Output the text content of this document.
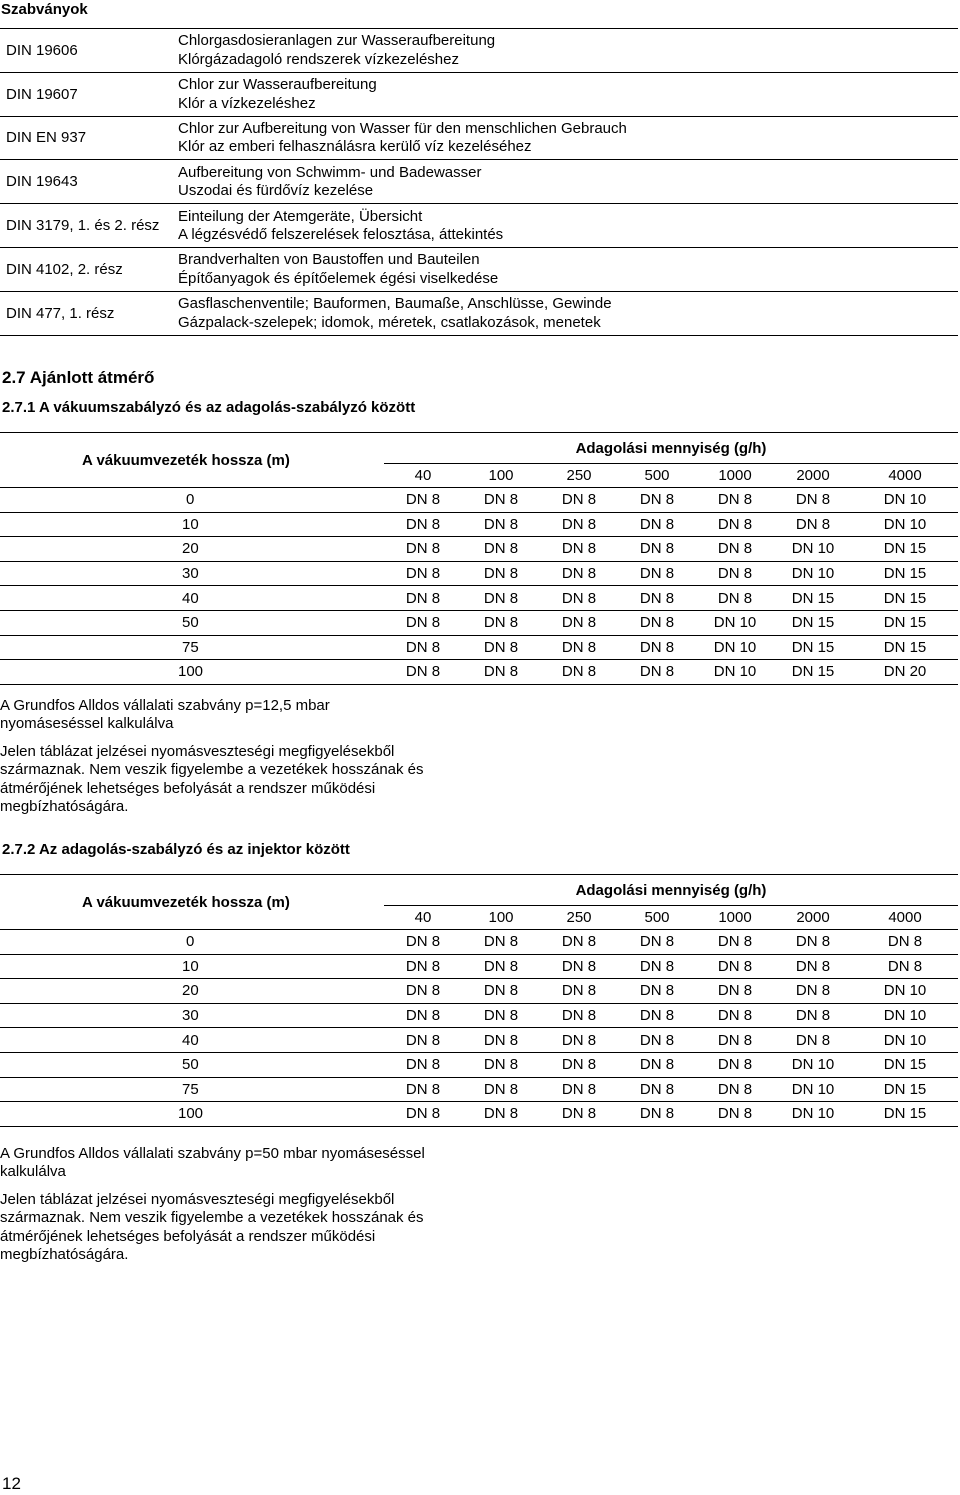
Szabványok
DIN 19606	Chlorgasdosieranlagen zur Wasseraufbereitung
Klórgázadagoló rendszerek vízkezeléshez

DIN 19607	Chlor zur Wasseraufbereitung
Klór a vízkezeléshez

DIN EN 937	Chlor zur Aufbereitung von Wasser für den menschlichen Gebrauch
Klór az emberi felhasználásra kerülő víz kezeléséhez

DIN 19643	Aufbereitung von Schwimm- und Badewasser
Uszodai és fürdővíz kezelése

DIN 3179, 1. és 2. rész	Einteilung der Atemgeräte, Übersicht
A légzésvédő felszerelések felosztása, áttekintés

DIN 4102, 2. rész	Brandverhalten von Baustoffen und Bauteilen
Építőanyagok és építőelemek égési viselkedése

DIN 477, 1. rész	Gasflaschenventile; Bauformen, Baumaße, Anschlüsse, Gewinde
Gázpalack-szelepek; idomok, méretek, csatlakozások, menetek
2.7 Ajánlott átmérő
2.7.1 A vákuumszabályzó és az adagolás-szabályzó között
A vákuumvezeték hossza (m)	Adagolási mennyiség (g/h)						
	40	100	250	500	1000	2000	4000
0	DN 8	DN 8	DN 8	DN 8	DN 8	DN 8	DN 10
10	DN 8	DN 8	DN 8	DN 8	DN 8	DN 8	DN 10
20	DN 8	DN 8	DN 8	DN 8	DN 8	DN 10	DN 15
30	DN 8	DN 8	DN 8	DN 8	DN 8	DN 10	DN 15
40	DN 8	DN 8	DN 8	DN 8	DN 8	DN 15	DN 15
50	DN 8	DN 8	DN 8	DN 8	DN 10	DN 15	DN 15
75	DN 8	DN 8	DN 8	DN 8	DN 10	DN 15	DN 15
100	DN 8	DN 8	DN 8	DN 8	DN 10	DN 15	DN 20
A Grundfos Alldos vállalati szabvány p=12,5 mbar
nyomáseséssel kalkulálva
Jelen táblázat jelzései nyomásveszteségi megfigyelésekből
származnak. Nem veszik figyelembe a vezetékek hosszának és
átmérőjének lehetséges befolyását a rendszer működési
megbízhatóságára.
2.7.2 Az adagolás-szabályzó és az injektor között
A vákuumvezeték hossza (m)	Adagolási mennyiség (g/h)						
	40	100	250	500	1000	2000	4000
0	DN 8	DN 8	DN 8	DN 8	DN 8	DN 8	DN 8
10	DN 8	DN 8	DN 8	DN 8	DN 8	DN 8	DN 8
20	DN 8	DN 8	DN 8	DN 8	DN 8	DN 8	DN 10
30	DN 8	DN 8	DN 8	DN 8	DN 8	DN 8	DN 10
40	DN 8	DN 8	DN 8	DN 8	DN 8	DN 8	DN 10
50	DN 8	DN 8	DN 8	DN 8	DN 8	DN 10	DN 15
75	DN 8	DN 8	DN 8	DN 8	DN 8	DN 10	DN 15
100	DN 8	DN 8	DN 8	DN 8	DN 8	DN 10	DN 15
A Grundfos Alldos vállalati szabvány p=50 mbar nyomáseséssel
kalkulálva
Jelen táblázat jelzései nyomásveszteségi megfigyelésekből
származnak. Nem veszik figyelembe a vezetékek hosszának és
átmérőjének lehetséges befolyását a rendszer működési
megbízhatóságára.
12
